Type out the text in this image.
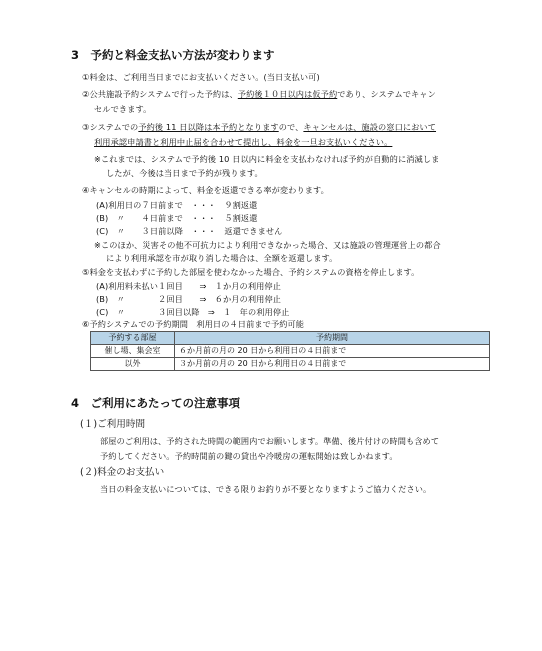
3　予約と料金支払い方法が変わります
①料金は、ご利用当日までにお支払いください。(当日支払い可)
②公共施設予約システムで行った予約は、予約後１０日以内は仮予約であり、システムでキャン
セルできます。
③システムでの予約後 11 日以降は本予約となりますので、キャンセルは、施設の窓口において
利用承認申請書と利用中止届を合わせて提出し、料金を一旦お支払いください。
※これまでは、システムで予約後 10 日以内に料金を支払わなければ予約が自動的に消滅しま
したが、今後は当日まで予約が残ります。
④キャンセルの時期によって、料金を返還できる率が変わります。
(A)利用日の７日前まで　・・・　９割返還
(B)　〃　　４日前まで　・・・　５割返還
(C)　〃　　３日前以降　・・・　返還できません
※このほか、災害その他不可抗力により利用できなかった場合、又は施設の管理運営上の都合
により利用承認を市が取り消した場合は、全額を返還します。
⑤料金を支払わずに予約した部屋を使わなかった場合、予約システムの資格を停止します。
(A)利用料未払い１回目　　⇒　１か月の利用停止
(B)　〃　　　　２回目　　⇒　６か月の利用停止
(C)　〃　　　　３回目以降　⇒　１　年の利用停止
⑥予約システムでの予約期間　利用日の４日前まで予約可能
予約する部屋	予約期間
催し場、集会室	６か月前の月の 20 日から利用日の４日前まで
以外	３か月前の月の 20 日から利用日の４日前まで
4　ご利用にあたっての注意事項
(１)ご利用時間
部屋のご利用は、予約された時間の範囲内でお願いします。準備、後片付けの時間も含めて
予約してください。予約時間前の鍵の貸出や冷暖房の運転開始は致しかねます。
(２)料金のお支払い
当日の料金支払いについては、できる限りお釣りが不要となりますようご協力ください。
